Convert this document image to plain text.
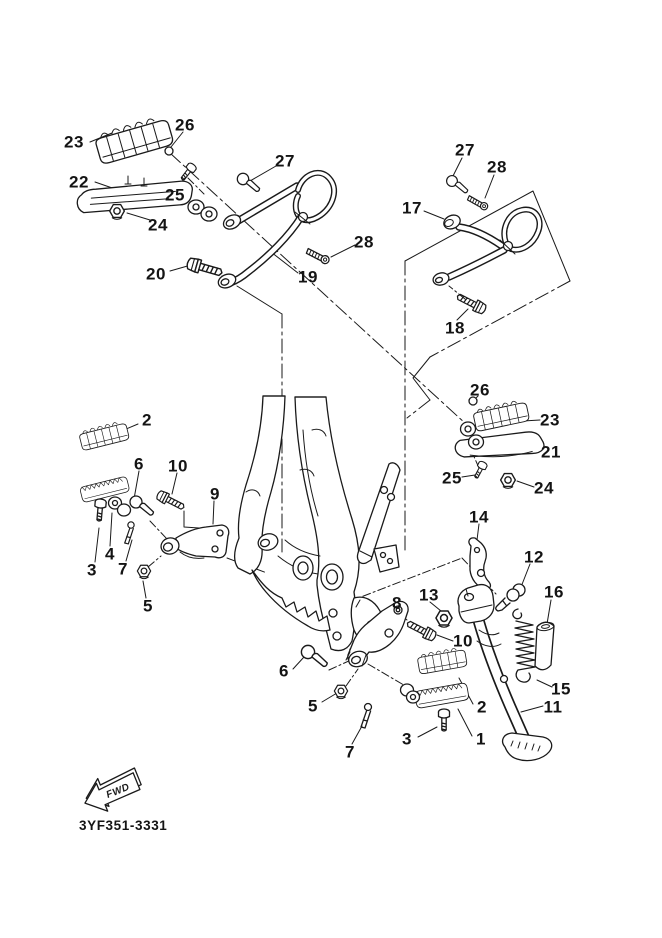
FWD
23
22
26
25
24
20
27
28
19
17
27
28
18
26
23
21
25
24
2
6 10
9
4
3 7
5
14
12
16
13
8
10
6
5
7
3
2
1
15
11
3YF351-3331
